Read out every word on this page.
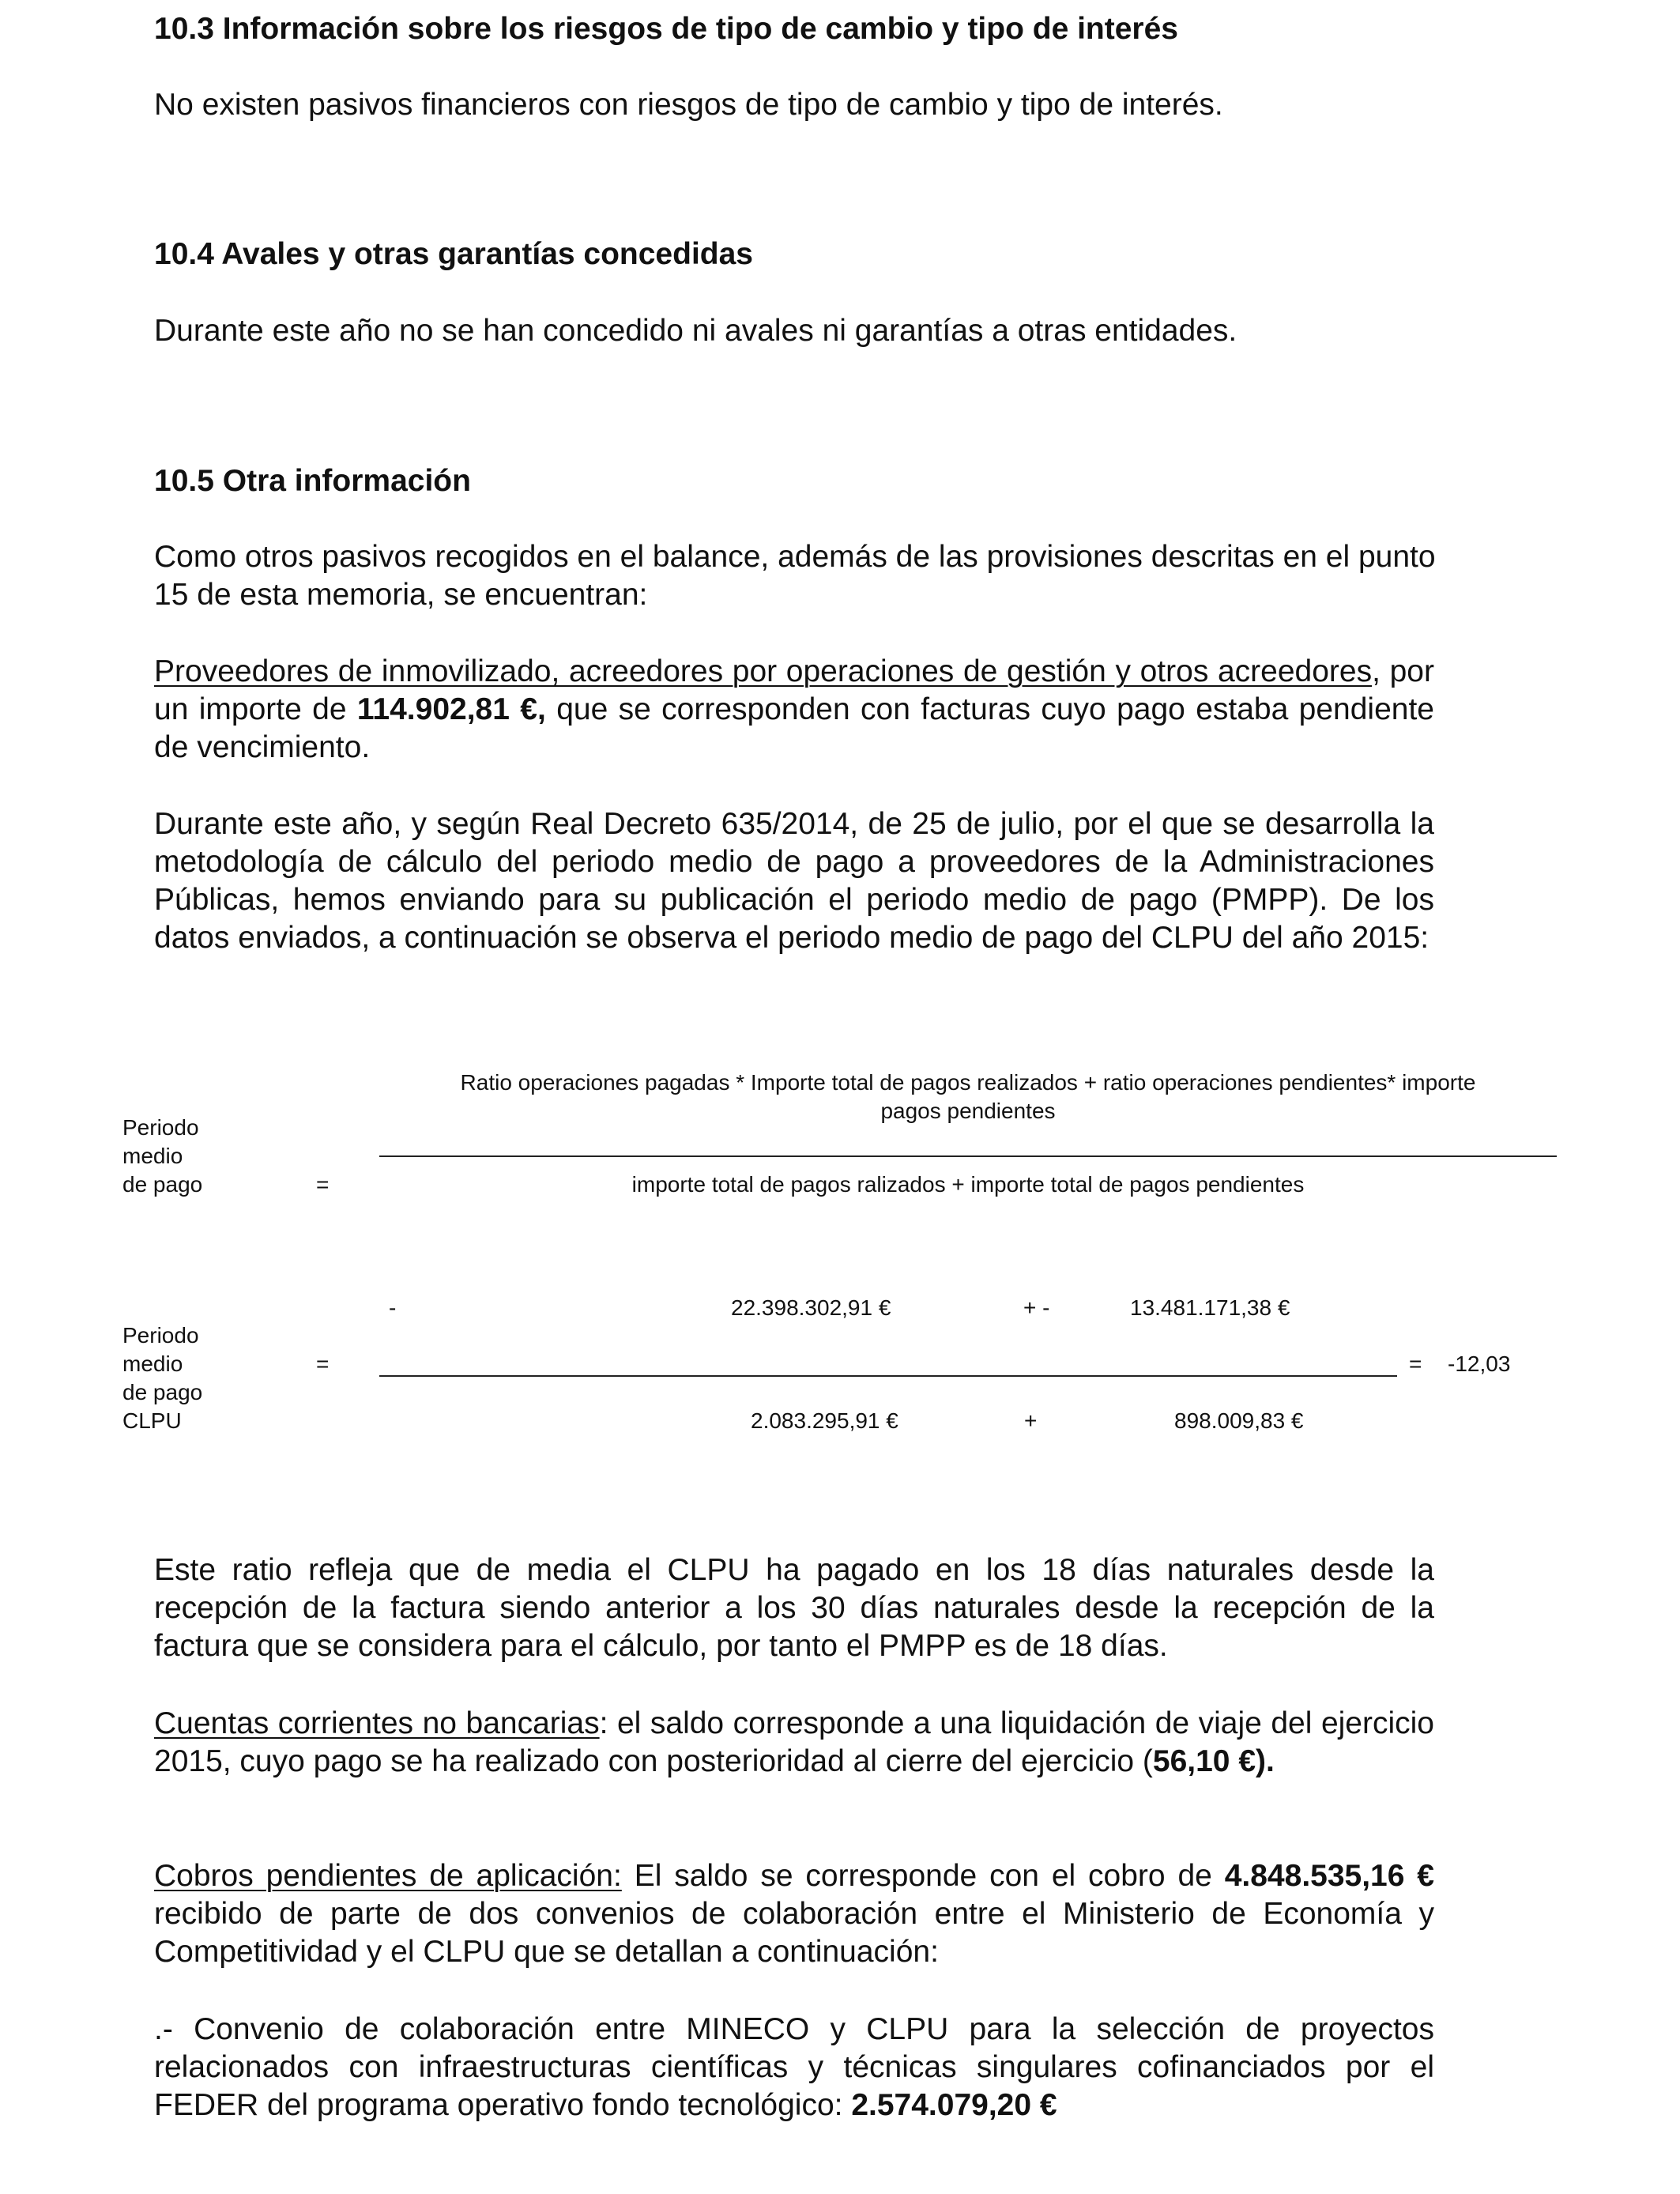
10.3 Información sobre los riesgos de tipo de cambio y tipo de interés
No existen pasivos financieros con riesgos de tipo de cambio y tipo de interés.
10.4 Avales y otras garantías concedidas
Durante este año no se han concedido ni avales ni garantías a otras entidades.
10.5 Otra información
Como otros pasivos recogidos en el balance, además de las provisiones descritas en el punto 15 de esta memoria, se encuentran:
Proveedores de inmovilizado, acreedores por operaciones de gestión y otros acreedores, por un importe de 114.902,81 €, que se corresponden con facturas cuyo pago estaba pendiente de vencimiento.
Durante este año, y según Real Decreto 635/2014, de 25 de julio, por el que se desarrolla la metodología de cálculo del periodo medio de pago a proveedores de la Administraciones Públicas, hemos enviando para su publicación el periodo medio de pago (PMPP). De los datos enviados, a continuación se observa el periodo medio de pago del CLPU del año 2015:
Periodo
medio
de pago	=
Ratio operaciones pagadas * Importe total de pagos realizados + ratio operaciones pendientes* importe
pagos pendientes
importe total de pagos ralizados + importe total de pagos pendientes
Periodo
medio
de pago
CLPU
=
-	22.398.302,91 €	+ -	13.481.171,38 €
2.083.295,91 €	+	898.009,83 €
= -12,03
Este ratio refleja que de media el CLPU ha pagado en los 18 días naturales desde la recepción de la factura siendo anterior a los 30 días naturales desde la recepción de la factura que se considera para el cálculo, por tanto el PMPP es de 18 días.
Cuentas corrientes no bancarias: el saldo corresponde a una liquidación de viaje del ejercicio 2015, cuyo pago se ha realizado con posterioridad al cierre del ejercicio (56,10 €).
Cobros pendientes de aplicación: El saldo se corresponde con el cobro de 4.848.535,16 € recibido de parte de dos convenios de colaboración entre el Ministerio de Economía y Competitividad y el CLPU que se detallan a continuación:
.- Convenio de colaboración entre MINECO y CLPU para la selección de proyectos relacionados con infraestructuras científicas y técnicas singulares cofinanciados por el FEDER del programa operativo fondo tecnológico: 2.574.079,20 €
